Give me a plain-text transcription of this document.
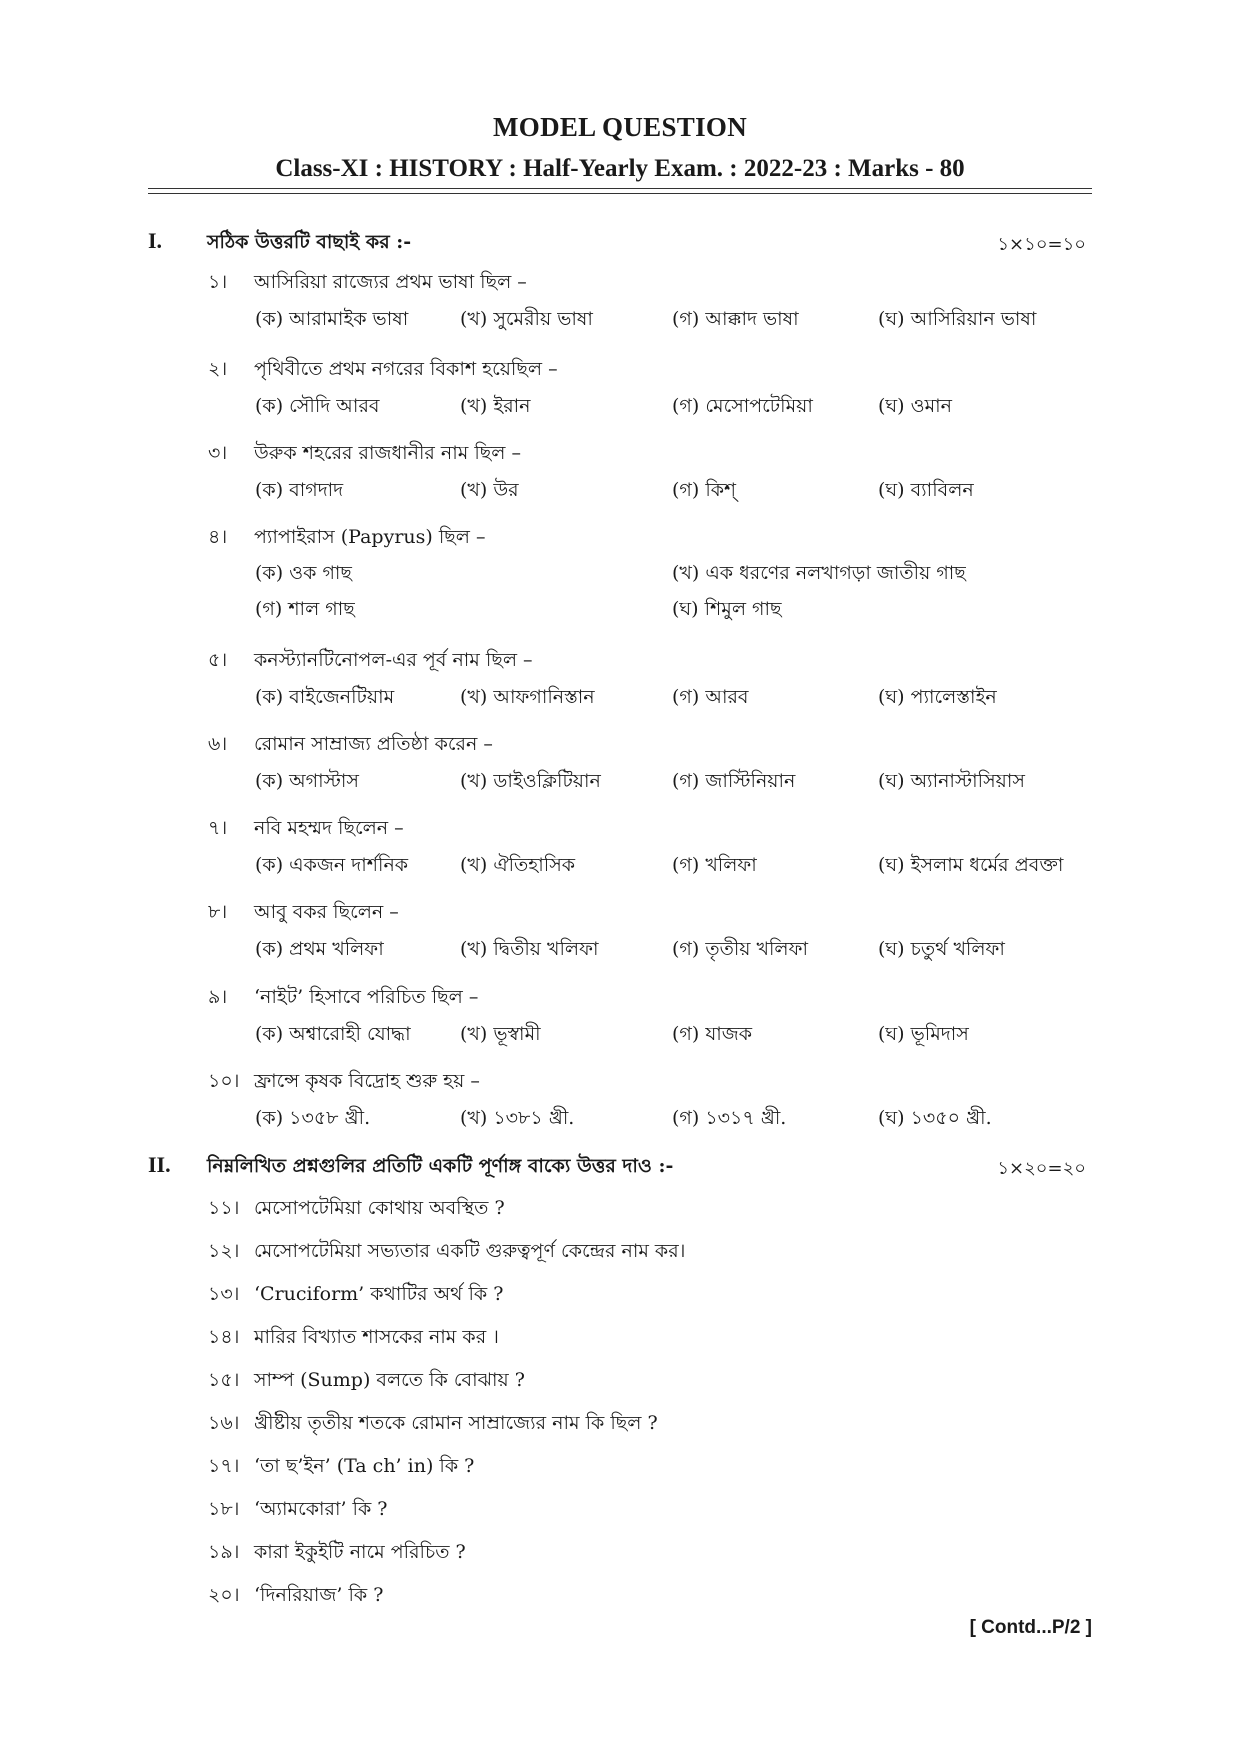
MODEL QUESTION
Class-XI : HISTORY : Half-Yearly Exam. : 2022-23 : Marks - 80
I. সঠিক উত্তরটি বাছাই কর :-	১×১০=১০
১। আসিরিয়া রাজ্যের প্রথম ভাষা ছিল –
(ক) আরামাইক ভাষা	(খ) সুমেরীয় ভাষা	(গ) আক্কাদ ভাষা	(ঘ) আসিরিয়ান ভাষা
২। পৃথিবীতে প্রথম নগরের বিকাশ হয়েছিল –
(ক) সৌদি আরব	(খ) ইরান	(গ) মেসোপটেমিয়া	(ঘ) ওমান
৩। উরুক শহরের রাজধানীর নাম ছিল –
(ক) বাগদাদ	(খ) উর	(গ) কিশ্	(ঘ) ব্যাবিলন
৪। প্যাপাইরাস (Papyrus) ছিল –
(ক) ওক গাছ	(খ) এক ধরণের নলখাগড়া জাতীয় গাছ
(গ) শাল গাছ	(ঘ) শিমুল গাছ
৫। কনস্ট্যানটিনোপল-এর পূর্ব নাম ছিল –
(ক) বাইজেনটিয়াম	(খ) আফগানিস্তান	(গ) আরব	(ঘ) প্যালেস্তাইন
৬। রোমান সাম্রাজ্য প্রতিষ্ঠা করেন –
(ক) অগাস্টাস	(খ) ডাইওক্লিটিয়ান	(গ) জাস্টিনিয়ান	(ঘ) অ্যানাস্টাসিয়াস
৭। নবি মহম্মদ ছিলেন –
(ক) একজন দার্শনিক	(খ) ঐতিহাসিক	(গ) খলিফা	(ঘ) ইসলাম ধর্মের প্রবক্তা
৮। আবু বকর ছিলেন –
(ক) প্রথম খলিফা	(খ) দ্বিতীয় খলিফা	(গ) তৃতীয় খলিফা	(ঘ) চতুর্থ খলিফা
৯। ‘নাইট’ হিসাবে পরিচিত ছিল –
(ক) অশ্বারোহী যোদ্ধা	(খ) ভূস্বামী	(গ) যাজক	(ঘ) ভূমিদাস
১০। ফ্রান্সে কৃষক বিদ্রোহ শুরু হয় –
(ক) ১৩৫৮ খ্রী.	(খ) ১৩৮১ খ্রী.	(গ) ১৩১৭ খ্রী.	(ঘ) ১৩৫০ খ্রী.
II. নিম্নলিখিত প্রশ্নগুলির প্রতিটি একটি পূর্ণাঙ্গ বাক্যে উত্তর দাও :-	১×২০=২০
১১। মেসোপটেমিয়া কোথায় অবস্থিত ?
১২। মেসোপটেমিয়া সভ্যতার একটি গুরুত্বপূর্ণ কেন্দ্রের নাম কর।
১৩। ‘Cruciform’ কথাটির অর্থ কি ?
১৪। মারির বিখ্যাত শাসকের নাম কর ।
১৫। সাম্প (Sump) বলতে কি বোঝায় ?
১৬। খ্রীষ্টীয় তৃতীয় শতকে রোমান সাম্রাজ্যের নাম কি ছিল ?
১৭। ‘তা ছ’ইন’ (Ta ch’ in) কি ?
১৮। ‘অ্যামকোরা’ কি ?
১৯। কারা ইকুইটি নামে পরিচিত ?
২০। ‘দিনরিয়াজ’ কি ?
[ Contd...P/2 ]
